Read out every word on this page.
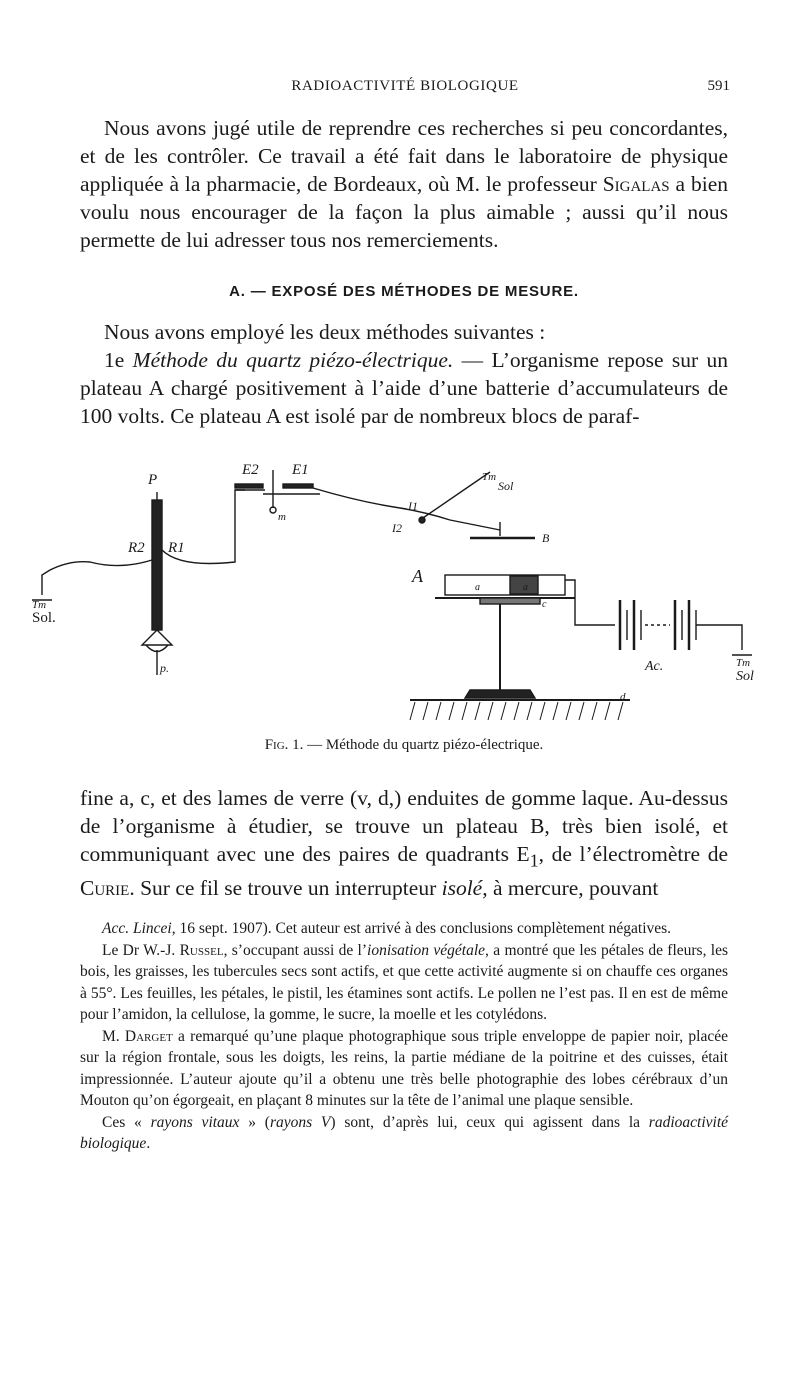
RADIOACTIVITÉ BIOLOGIQUE	591

Nous avons jugé utile de reprendre ces recherches si peu concordantes, et de les contrôler. Ce travail a été fait dans le laboratoire de physique appliquée à la pharmacie, de Bordeaux, où M. le professeur Sigalas a bien voulu nous encourager de la façon la plus aimable ; aussi qu’il nous permette de lui adresser tous nos remerciements.

A. — EXPOSÉ DES MÉTHODES DE MESURE.
Nous avons employé les deux méthodes suivantes :
1e Méthode du quartz piézo-électrique. — L’organisme repose sur un plateau A chargé positivement à l’aide d’une batterie d’accumulateurs de 100 volts. Ce plateau A est isolé par de nombreux blocs de paraf-
P
R2 R1
Sol.
Tm
p.
E2 E1
m
I1
I2
Tm
Sol
B
A
a	a
c
Ac.
d
Tm
Sol
Fig. 1. — Méthode du quartz piézo-électrique.

fine a, c, et des lames de verre (v, d,) enduites de gomme laque. Au-dessus de l’organisme à étudier, se trouve un plateau B, très bien isolé, et communiquant avec une des paires de quadrants $E_1$, de l’électromètre de Curie. Sur ce fil se trouve un interrupteur isolé, à mercure, pouvant

Acc. Lincei, 16 sept. 1907). Cet auteur est arrivé à des conclusions complètement négatives.

Le Dr W.-J. Russel, s’occupant aussi de l’ionisation végétale, a montré que les pétales de fleurs, les bois, les graisses, les tubercules secs sont actifs, et que cette activité augmente si on chauffe ces organes à 55°. Les feuilles, les pétales, le pistil, les étamines sont actifs. Le pollen ne l’est pas. Il en est de même pour l’amidon, la cellulose, la gomme, le sucre, la moelle et les cotylédons.

M. Darget a remarqué qu’une plaque photographique sous triple enveloppe de papier noir, placée sur la région frontale, sous les doigts, les reins, la partie médiane de la poitrine et des cuisses, était impressionnée. L’auteur ajoute qu’il a obtenu une très belle photographie des lobes cérébraux d’un Mouton qu’on égorgeait, en plaçant 8 minutes sur la tête de l’animal une plaque sensible.

Ces « rayons vitaux » (rayons V) sont, d’après lui, ceux qui agissent dans la radioactivité biologique.
